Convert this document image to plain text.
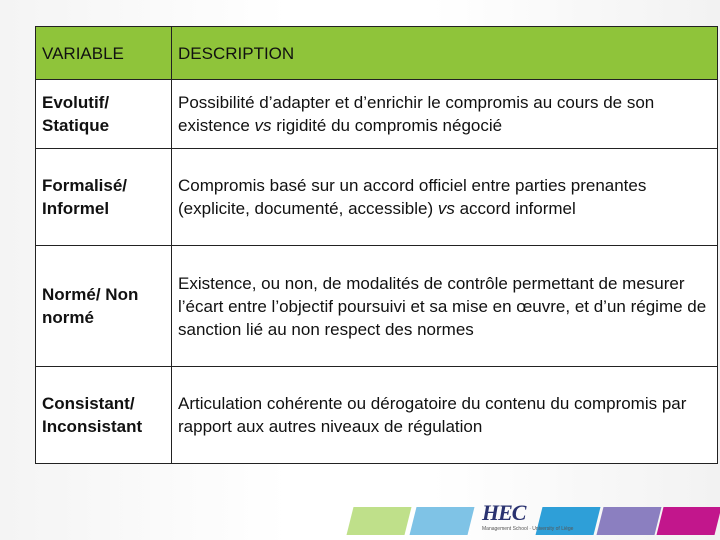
VARIABLE	DESCRIPTION
Evolutif/ Statique	Possibilité d’adapter et d’enrichir le compromis au cours de son existence vs rigidité du compromis négocié
Formalisé/ Informel	Compromis basé sur un accord officiel entre parties prenantes (explicite, documenté, accessible) vs accord informel
Normé/ Non normé	Existence, ou non, de modalités de contrôle permettant de mesurer l’écart entre l’objectif poursuivi et sa mise en œuvre, et d’un régime de sanction lié au non respect des normes
Consistant/ Inconsistant	Articulation cohérente ou dérogatoire du contenu du compromis par rapport aux autres niveaux de régulation
HEC
Management School · University of Liège
